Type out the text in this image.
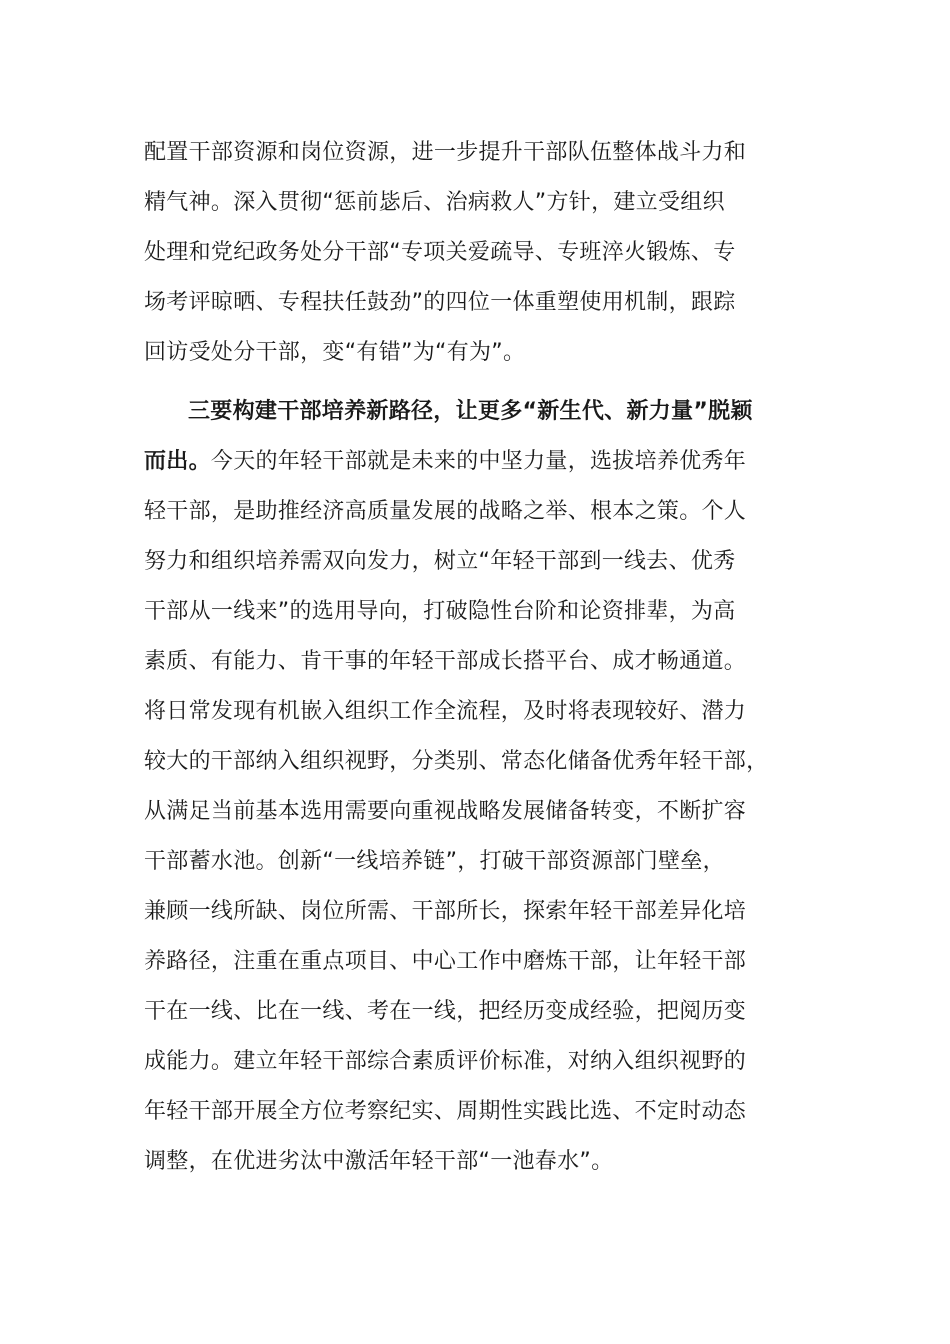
配置干部资源和岗位资源，进一步提升干部队伍整体战斗力和
精气神。深入贯彻“惩前毖后、治病救人”方针，建立受组织
处理和党纪政务处分干部“专项关爱疏导、专班淬火锻炼、专
场考评晾晒、专程扶任鼓劲”的四位一体重塑使用机制，跟踪
回访受处分干部，变“有错”为“有为”。
三要构建干部培养新路径，让更多“新生代、新力量”脱颖
而出。今天的年轻干部就是未来的中坚力量，选拔培养优秀年
轻干部，是助推经济高质量发展的战略之举、根本之策。个人
努力和组织培养需双向发力，树立“年轻干部到一线去、优秀
干部从一线来”的选用导向，打破隐性台阶和论资排辈，为高
素质、有能力、肯干事的年轻干部成长搭平台、成才畅通道。
将日常发现有机嵌入组织工作全流程，及时将表现较好、潜力
较大的干部纳入组织视野，分类别、常态化储备优秀年轻干部，
从满足当前基本选用需要向重视战略发展储备转变，不断扩容
干部蓄水池。创新“一线培养链”，打破干部资源部门壁垒，
兼顾一线所缺、岗位所需、干部所长，探索年轻干部差异化培
养路径，注重在重点项目、中心工作中磨炼干部，让年轻干部
干在一线、比在一线、考在一线，把经历变成经验，把阅历变
成能力。建立年轻干部综合素质评价标准，对纳入组织视野的
年轻干部开展全方位考察纪实、周期性实践比选、不定时动态
调整，在优进劣汰中激活年轻干部“一池春水”。
